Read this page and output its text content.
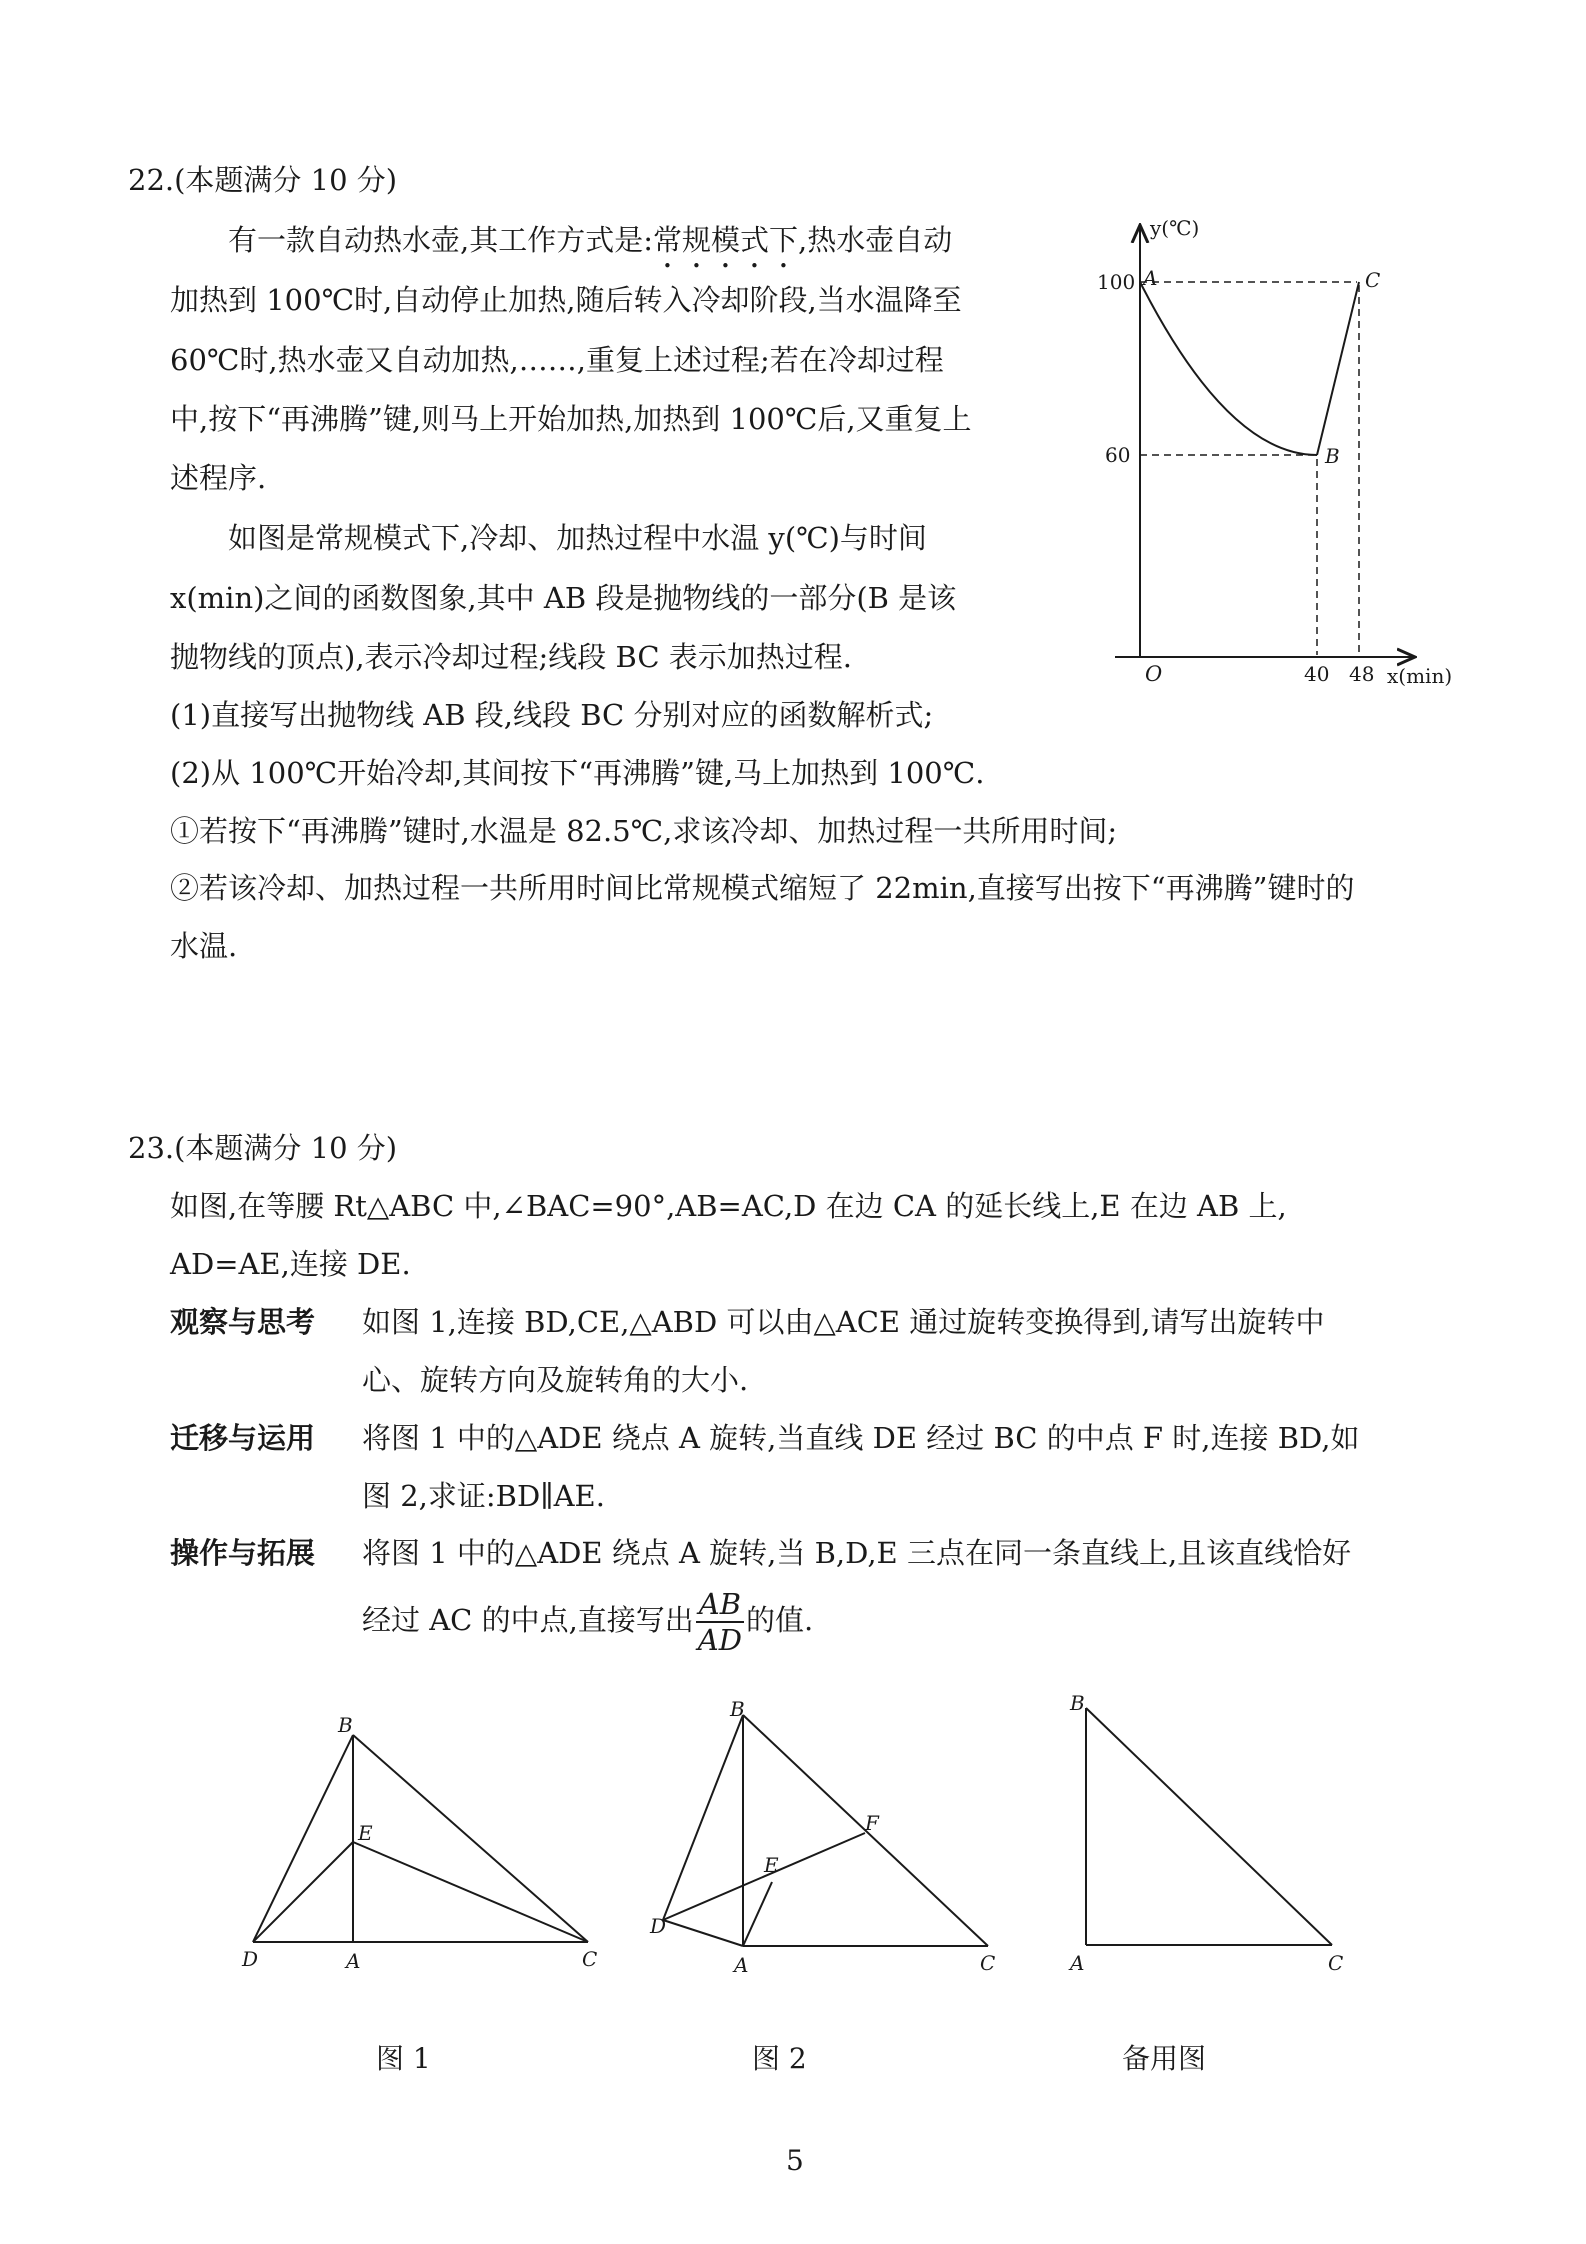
22.(本题满分 10 分)
有一款自动热水壶,其工作方式是:常规模式下,热水壶自动
加热到 100℃时,自动停止加热,随后转入冷却阶段,当水温降至
60℃时,热水壶又自动加热,……,重复上述过程;若在冷却过程
中,按下“再沸腾”键,则马上开始加热,加热到 100℃后,又重复上
述程序.
如图是常规模式下,冷却、加热过程中水温 y(℃)与时间
x(min)之间的函数图象,其中 AB 段是抛物线的一部分(B 是该
抛物线的顶点),表示冷却过程;线段 BC 表示加热过程.
(1)直接写出抛物线 AB 段,线段 BC 分别对应的函数解析式;
(2)从 100℃开始冷却,其间按下“再沸腾”键,马上加热到 100℃.
①若按下“再沸腾”键时,水温是 82.5℃,求该冷却、加热过程一共所用时间;
②若该冷却、加热过程一共所用时间比常规模式缩短了 22min,直接写出按下“再沸腾”键时的
水温.
y(℃)
x(min)
O
100
60
40 48
A
B
C
23.(本题满分 10 分)
如图,在等腰 Rt△ABC 中,∠BAC=90°,AB=AC,D 在边 CA 的延长线上,E 在边 AB 上,
AD=AE,连接 DE.
观察与思考 如图 1,连接 BD,CE,△ABD 可以由△ACE 通过旋转变换得到,请写出旋转中
心、旋转方向及旋转角的大小.
迁移与运用 将图 1 中的△ADE 绕点 A 旋转,当直线 DE 经过 BC 的中点 F 时,连接 BD,如
图 2,求证:BD∥AE.
操作与拓展 将图 1 中的△ADE 绕点 A 旋转,当 B,D,E 三点在同一条直线上,且该直线恰好
经过 AC 的中点,直接写出 $\frac{AB}{AD}$ 的值.
B
E
D	A	C
图 1
B
F
E
D
A	C
图 2
B
A	C
备用图
5
